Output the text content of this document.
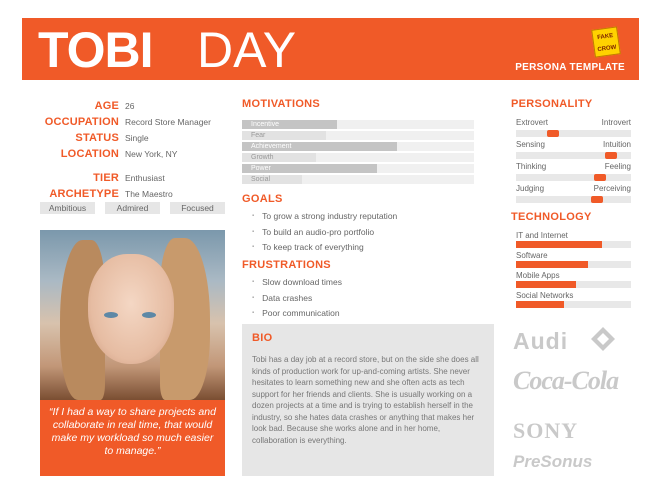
TOBI DAY	FAKE
CROW
PERSONA TEMPLATE
AGE 26
OCCUPATION Record Store Manager
STATUS Single
LOCATION New York, NY
TIER Enthusiast
ARCHETYPE The Maestro
Ambitious	Admired	Focused
“If I had a way to share projects and collaborate in real time, that would make my workload so much easier to manage.”
MOTIVATIONS
Incentive
Fear
Achievement
Growth
Power
Social
GOALS
▪ To grow a strong industry reputation
▪ To build an audio-pro portfolio
▪ To keep track of everything
FRUSTRATIONS
▪ Slow download times
▪ Data crashes
▪ Poor communication
BIO
Tobi has a day job at a record store, but on the side she does all kinds of production work for up-and-coming artists. She never hesitates to learn something new and she often acts as tech support for her friends and clients. She is usually working on a dozen projects at a time and is trying to establish herself in the industry, so she hates data crashes or anything that makes her look bad. Because she works alone and in her home, collaboration is everything.
PERSONALITY
Extrovert	Introvert
Sensing	Intuition
Thinking	Feeling
Judging	Perceiving
TECHNOLOGY
IT and Internet
Software
Mobile Apps
Social Networks
Audi
Coca-Cola
SONY
PreSonus
